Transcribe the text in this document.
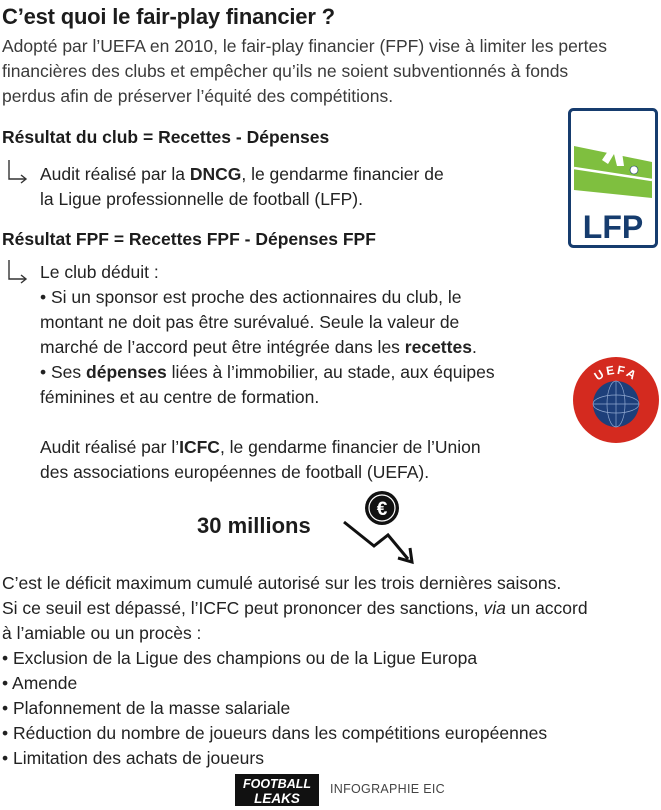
C’est quoi le fair-play financier ?
Adopté par l’UEFA en 2010, le fair-play financier (FPF) vise à limiter les pertes
financières des clubs et empêcher qu’ils ne soient subventionnés à fonds
perdus afin de préserver l’équité des compétitions.
Résultat du club = Recettes - Dépenses
Audit réalisé par la DNCG, le gendarme financier de
la Ligue professionnelle de football (LFP).
LFP
Résultat FPF = Recettes FPF - Dépenses FPF
Le club déduit :
• Si un sponsor est proche des actionnaires du club, le
montant ne doit pas être surévalué. Seule la valeur de
marché de l’accord peut être intégrée dans les recettes.
• Ses dépenses liées à l’immobilier, au stade, aux équipes
féminines et au centre de formation.
Audit réalisé par l’ICFC, le gendarme financier de l’Union
des associations européennes de football (UEFA).
UEFA
30 millions
€
C’est le déficit maximum cumulé autorisé sur les trois dernières saisons.
Si ce seuil est dépassé, l’ICFC peut prononcer des sanctions, via un accord
à l’amiable ou un procès :
• Exclusion de la Ligue des champions ou de la Ligue Europa
• Amende
• Plafonnement de la masse salariale
• Réduction du nombre de joueurs dans les compétitions européennes
• Limitation des achats de joueurs
FOOTBALL
LEAKS
INFOGRAPHIE EIC
